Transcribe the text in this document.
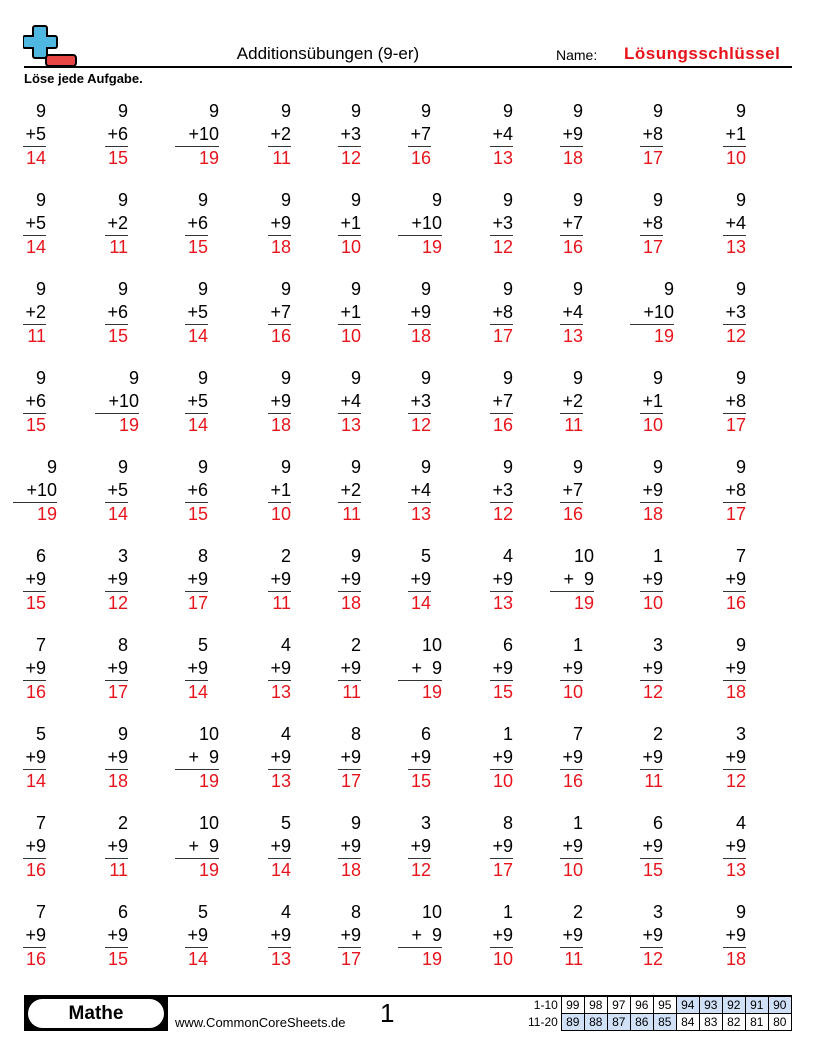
Additionsübungen (9-er)	Name: Lösungsschlüssel
Löse jede Aufgabe.
9
+5
14
9
+6
15
9
+10
19
9
+2
11
9
+3
12
9
+7
16
9
+4
13
9
+9
18
9
+8
17
9
+1
10
9
+5
14
9
+2
11
9
+6
15
9
+9
18
9
+1
10
9
+10
19
9
+3
12
9
+7
16
9
+8
17
9
+4
13
9
+2
11
9
+6
15
9
+5
14
9
+7
16
9
+1
10
9
+9
18
9
+8
17
9
+4
13
9
+10
19
9
+3
12
9
+6
15
9
+10
19
9
+5
14
9
+9
18
9
+4
13
9
+3
12
9
+7
16
9
+2
11
9
+1
10
9
+8
17
9
+10
19
9
+5
14
9
+6
15
9
+1
10
9
+2
11
9
+4
13
9
+3
12
9
+7
16
9
+9
18
9
+8
17
6
+9
15
3
+9
12
8
+9
17
2
+9
11
9
+9
18
5
+9
14
4
+9
13
10
+  9
19
1
+9
10
7
+9
16
7
+9
16
8
+9
17
5
+9
14
4
+9
13
2
+9
11
10
+  9
19
6
+9
15
1
+9
10
3
+9
12
9
+9
18
5
+9
14
9
+9
18
10
+  9
19
4
+9
13
8
+9
17
6
+9
15
1
+9
10
7
+9
16
2
+9
11
3
+9
12
7
+9
16
2
+9
11
10
+  9
19
5
+9
14
9
+9
18
3
+9
12
8
+9
17
1
+9
10
6
+9
15
4
+9
13
7
+9
16
6
+9
15
5
+9
14
4
+9
13
8
+9
17
10
+  9
19
1
+9
10
2
+9
11
3
+9
12
9
+9
18
Mathe	www.CommonCoreSheets.de 1	1-10	99	98	97	96	95	94	93	92	91	90
11-20	89	88	87	86	85	84	83	82	81	80
